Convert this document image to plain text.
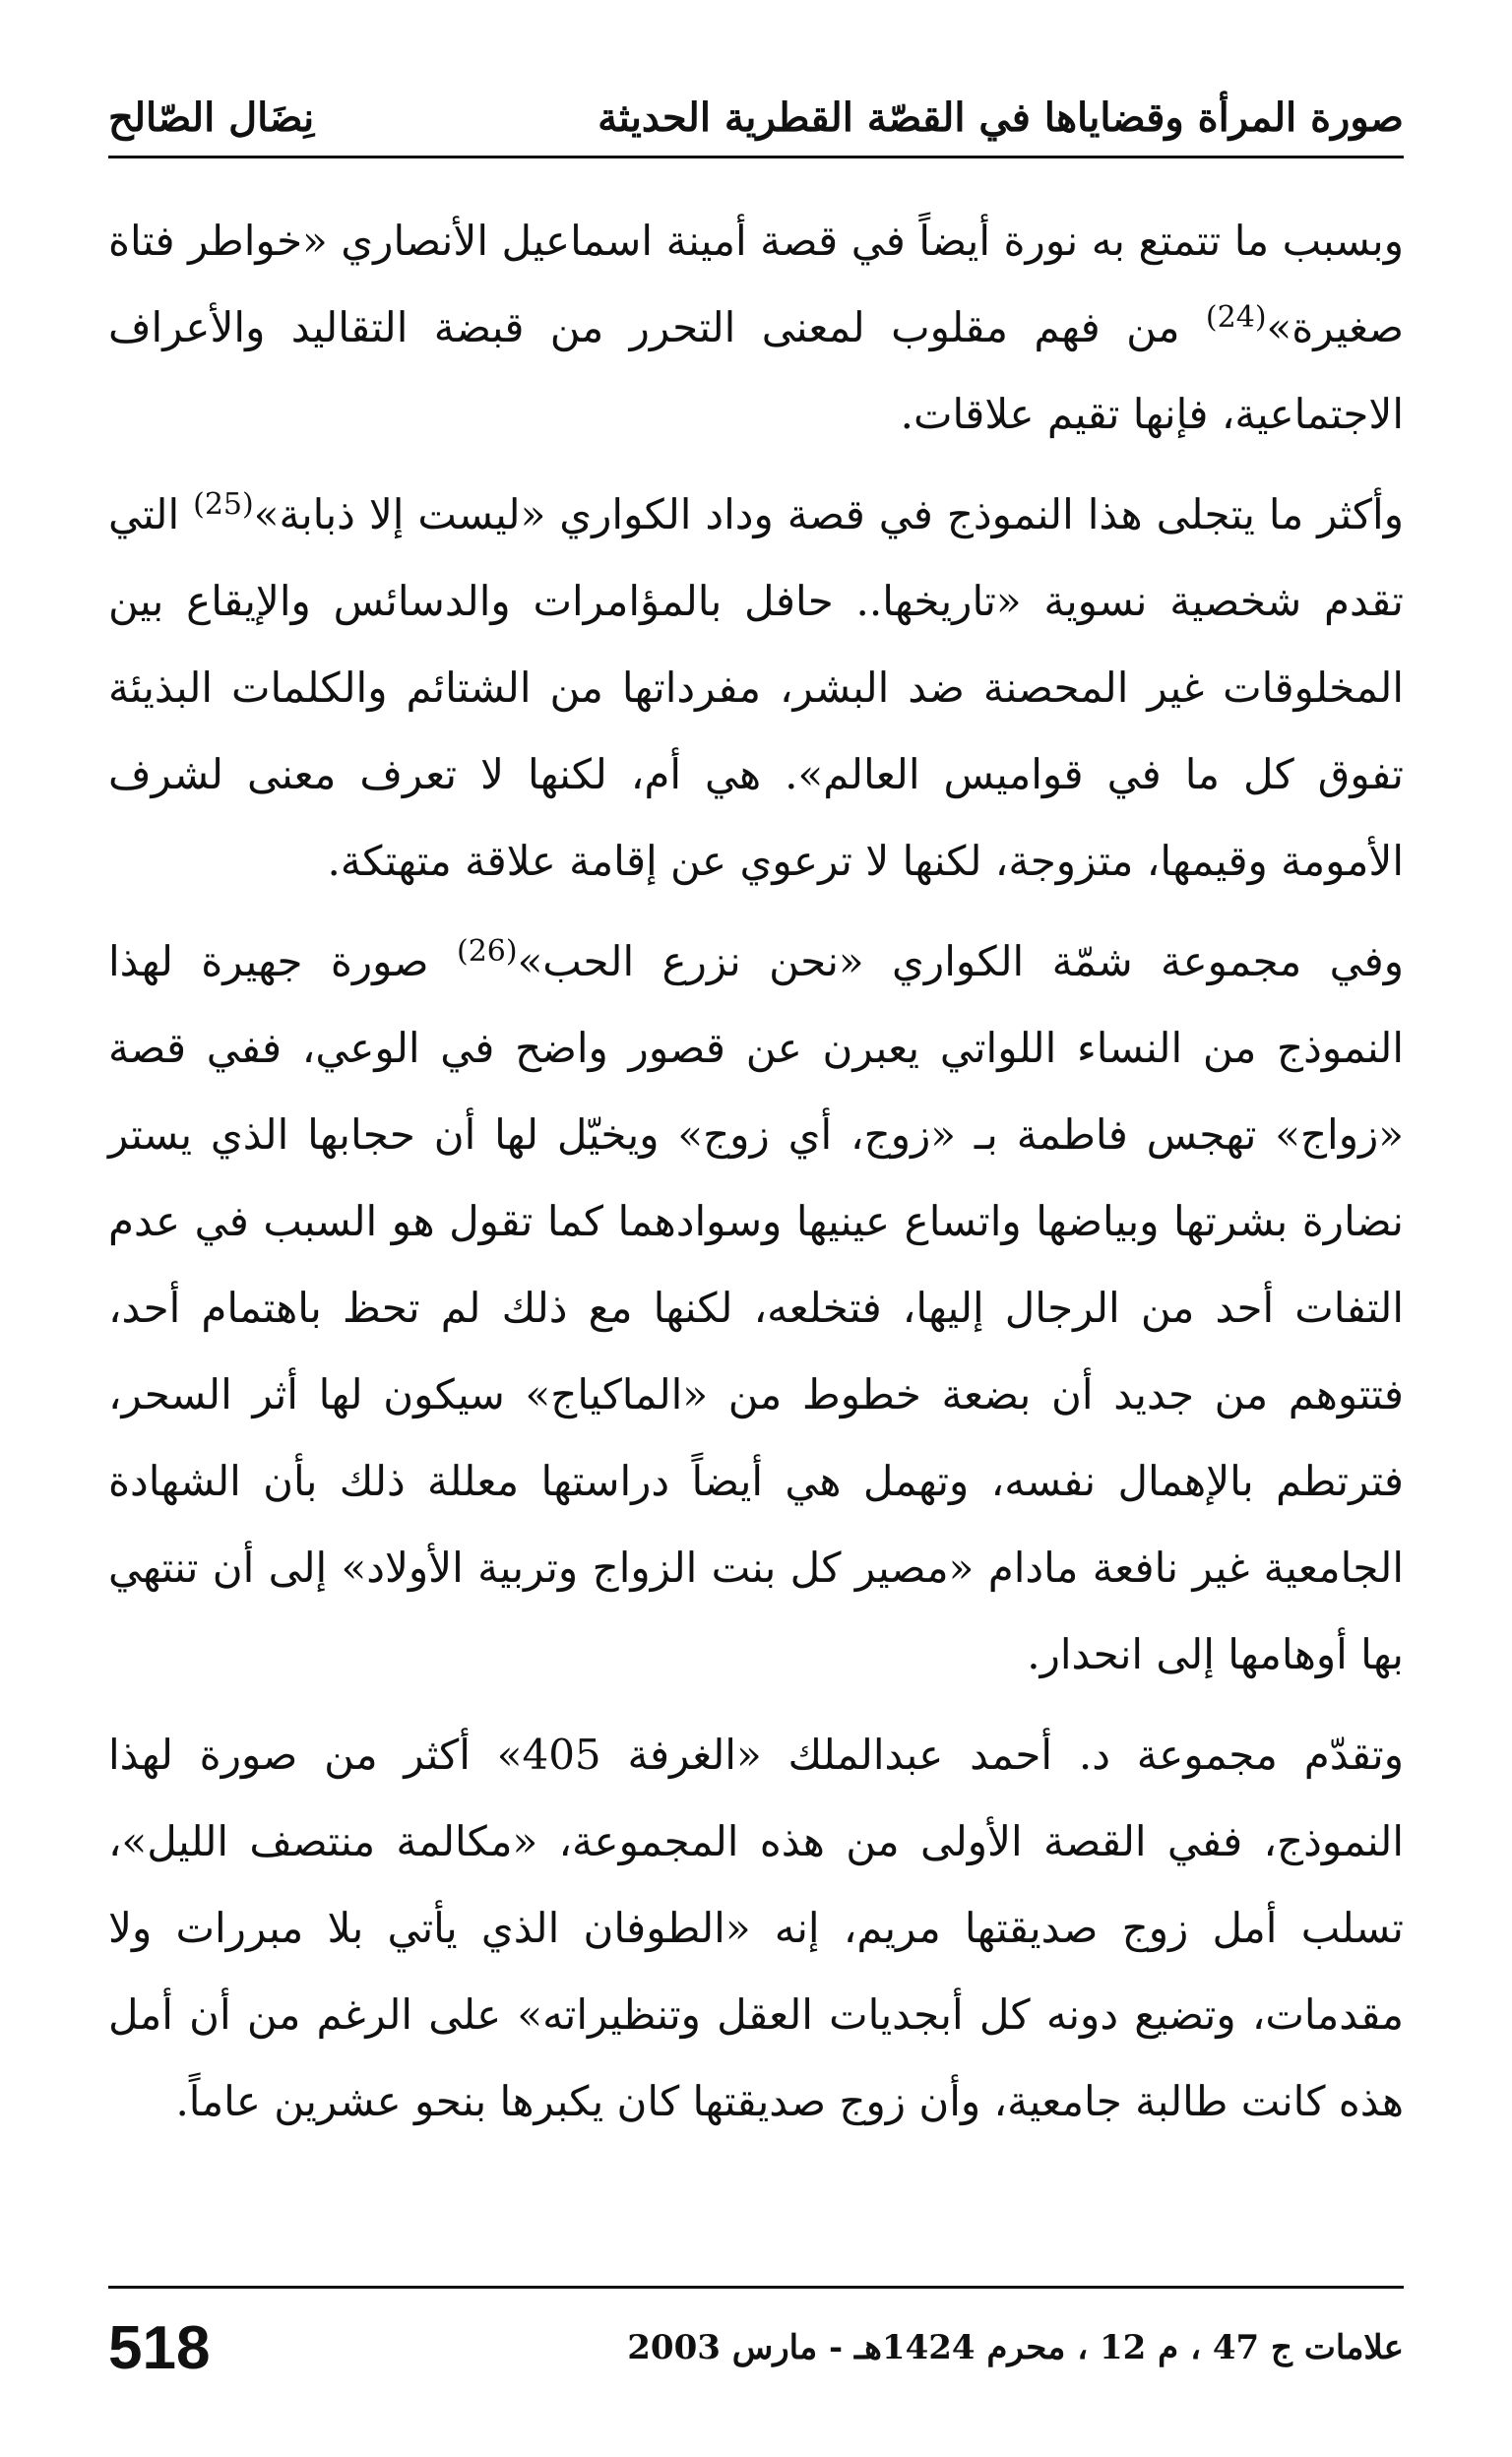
صورة المرأة وقضاياها في القصّة القطرية الحديثة
نِضَال الصّالح

وبسبب ما تتمتع به نورة أيضاً في قصة أمينة اسماعيل الأنصاري «خواطر فتاة صغيرة»$^{(24)}$ من فهم مقلوب لمعنى التحرر من قبضة التقاليد والأعراف الاجتماعية، فإنها تقيم علاقات.

وأكثر ما يتجلى هذا النموذج في قصة وداد الكواري «ليست إلا ذبابة»$^{(25)}$ التي تقدم شخصية نسوية «تاريخها.. حافل بالمؤامرات والدسائس والإيقاع بين المخلوقات غير المحصنة ضد البشر، مفرداتها من الشتائم والكلمات البذيئة تفوق كل ما في قواميس العالم». هي أم، لكنها لا تعرف معنى لشرف الأمومة وقيمها، متزوجة، لكنها لا ترعوي عن إقامة علاقة متهتكة.

وفي مجموعة شمّة الكواري «نحن نزرع الحب»$^{(26)}$ صورة جهيرة لهذا النموذج من النساء اللواتي يعبرن عن قصور واضح في الوعي، ففي قصة «زواج» تهجس فاطمة بـ «زوج، أي زوج» ويخيّل لها أن حجابها الذي يستر نضارة بشرتها وبياضها واتساع عينيها وسوادهما كما تقول هو السبب في عدم التفات أحد من الرجال إليها، فتخلعه، لكنها مع ذلك لم تحظ باهتمام أحد، فتتوهم من جديد أن بضعة خطوط من «الماكياج» سيكون لها أثر السحر، فترتطم بالإهمال نفسه، وتهمل هي أيضاً دراستها معللة ذلك بأن الشهادة الجامعية غير نافعة مادام «مصير كل بنت الزواج وتربية الأولاد» إلى أن تنتهي بها أوهامها إلى انحدار.

وتقدّم مجموعة د. أحمد عبدالملك «الغرفة 405» أكثر من صورة لهذا النموذج، ففي القصة الأولى من هذه المجموعة، «مكالمة منتصف الليل»، تسلب أمل زوج صديقتها مريم، إنه «الطوفان الذي يأتي بلا مبررات ولا مقدمات، وتضيع دونه كل أبجديات العقل وتنظيراته» على الرغم من أن أمل هذه كانت طالبة جامعية، وأن زوج صديقتها كان يكبرها بنحو عشرين عاماً.

علامات ج 47 ، م 12 ، محرم 1424هـ - مارس 2003
518
